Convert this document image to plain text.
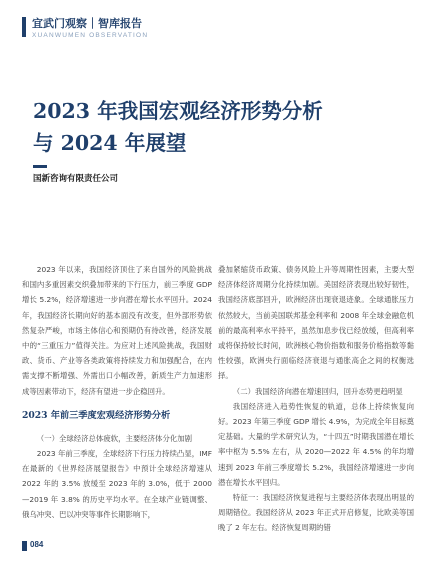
宜武门观察｜智库报告
XUANWUMEN OBSERVATION
2023 年我国宏观经济形势分析
与 2024 年展望
国新咨询有限责任公司

2023 年以来，我国经济顶住了来自国外的风险挑战和国内多重因素交织叠加带来的下行压力，前三季度 GDP 增长 5.2%，经济增速进一步向潜在增长水平回升。2024 年，我国经济长期向好的基本面没有改变，但外部形势依然复杂严峻，市场主体信心和预期仍有待改善，经济发展中的“三重压力”值得关注。为应对上述风险挑战，我国财政、货币、产业等各类政策将持续发力和加强配合，在内需支撑不断增强、外需出口小幅改善，新质生产力加速形成等因素带动下，经济有望进一步企稳回升。

2023 年前三季度宏观经济形势分析

（一）全球经济总体疲软，主要经济体分化加剧

2023 年前三季度，全球经济下行压力持续凸显，IMF 在最新的《世界经济展望报告》中预计全球经济增速从 2022 年的 3.5% 放缓至 2023 年的 3.0%，低于 2000—2019 年 3.8% 的历史平均水平。在全球产业链调整、俄乌冲突、巴以冲突等事件长期影响下，

叠加紧缩货币政策、债务风险上升等周期性因素，主要大型经济体经济周期分化持续加剧。美国经济表现出较好韧性，我国经济底部回升，欧洲经济出现衰退迹象。全球通胀压力依然较大，当前美国联邦基金利率和 2008 年全球金融危机前的最高利率水平持平，虽然加息步伐已经放缓，但高利率或将保持较长时间，欧洲核心物价指数和服务价格指数等黏性较强，欧洲央行面临经济衰退与通胀高企之间的权衡选择。

（二）我国经济向潜在增速回归，回升态势更趋明显

我国经济进入趋势性恢复的轨道，总体上持续恢复向好。2023 年第三季度 GDP 增长 4.9%，为完成全年目标奠定基础。大量的学术研究认为，“十四五”时期我国潜在增长率中枢为 5.5% 左右，从 2020—2022 年 4.5% 的年均增速到 2023 年前三季度增长 5.2%，我国经济增速进一步向潜在增长水平回归。

特征一：我国经济恢复进程与主要经济体表现出明显的周期错位。我国经济从 2023 年正式开启修复，比欧美等国晚了 2 年左右。经济恢复周期的错

084
